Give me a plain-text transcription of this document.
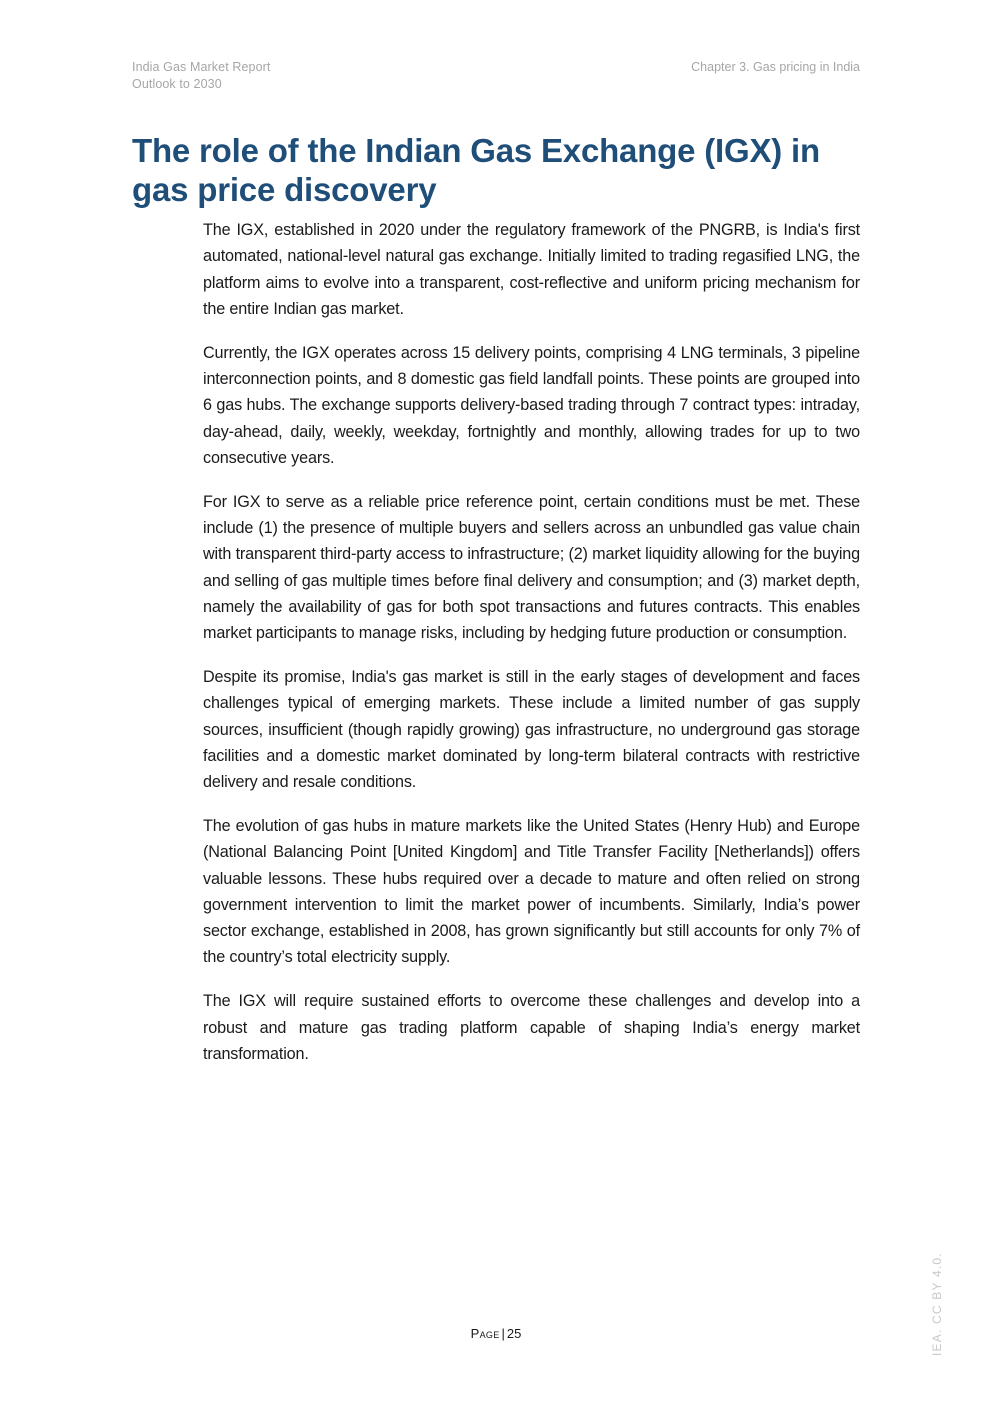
India Gas Market Report
Outlook to 2030
Chapter 3. Gas pricing in India
The role of the Indian Gas Exchange (IGX) in gas price discovery

The IGX, established in 2020 under the regulatory framework of the PNGRB, is India's first automated, national-level natural gas exchange. Initially limited to trading regasified LNG, the platform aims to evolve into a transparent, cost-reflective and uniform pricing mechanism for the entire Indian gas market.

Currently, the IGX operates across 15 delivery points, comprising 4 LNG terminals, 3 pipeline interconnection points, and 8 domestic gas field landfall points. These points are grouped into 6 gas hubs. The exchange supports delivery-based trading through 7 contract types: intraday, day-ahead, daily, weekly, weekday, fortnightly and monthly, allowing trades for up to two consecutive years.

For IGX to serve as a reliable price reference point, certain conditions must be met. These include (1) the presence of multiple buyers and sellers across an unbundled gas value chain with transparent third-party access to infrastructure; (2) market liquidity allowing for the buying and selling of gas multiple times before final delivery and consumption; and (3) market depth, namely the availability of gas for both spot transactions and futures contracts. This enables market participants to manage risks, including by hedging future production or consumption.

Despite its promise, India's gas market is still in the early stages of development and faces challenges typical of emerging markets. These include a limited number of gas supply sources, insufficient (though rapidly growing) gas infrastructure, no underground gas storage facilities and a domestic market dominated by long-term bilateral contracts with restrictive delivery and resale conditions.

The evolution of gas hubs in mature markets like the United States (Henry Hub) and Europe (National Balancing Point [United Kingdom] and Title Transfer Facility [Netherlands]) offers valuable lessons. These hubs required over a decade to mature and often relied on strong government intervention to limit the market power of incumbents. Similarly, India’s power sector exchange, established in 2008, has grown significantly but still accounts for only 7% of the country’s total electricity supply.

The IGX will require sustained efforts to overcome these challenges and develop into a robust and mature gas trading platform capable of shaping India’s energy market transformation.

Page | 25	IEA. CC BY 4.0.
